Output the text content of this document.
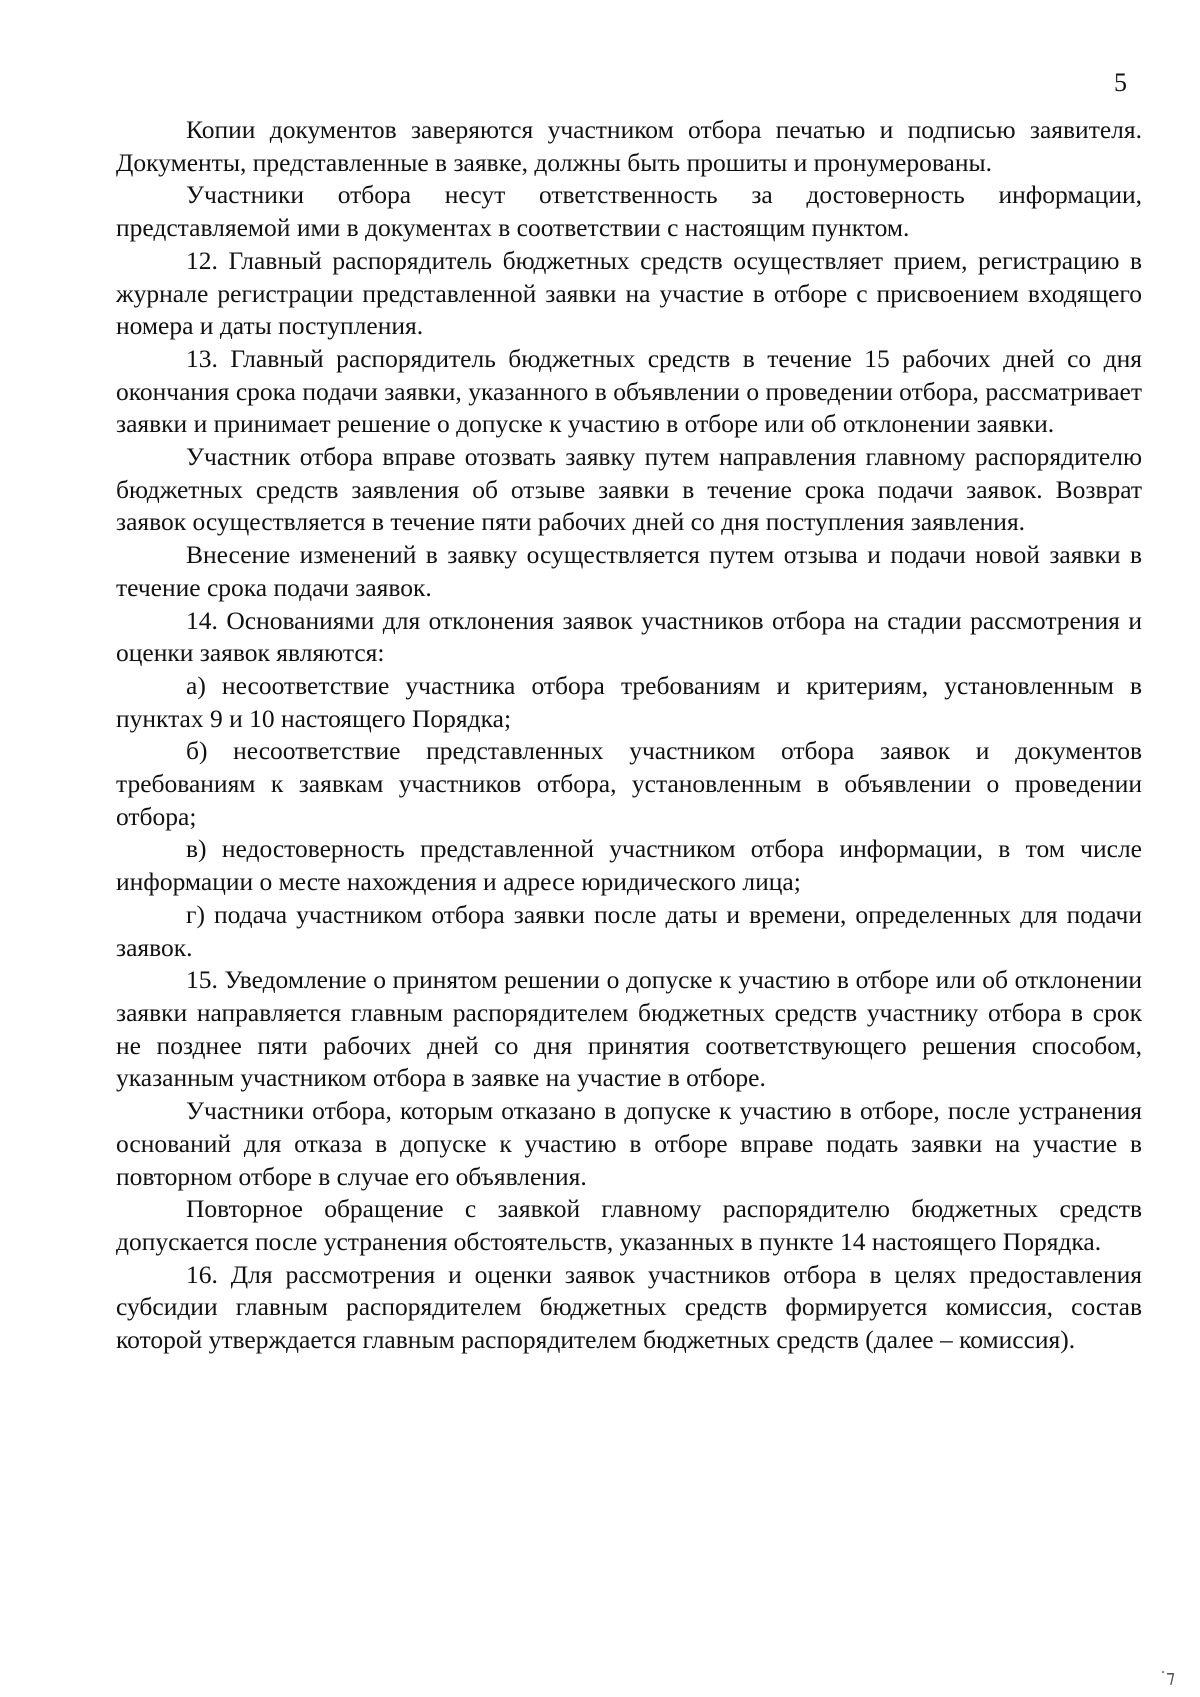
5

Копии документов заверяются участником отбора печатью и подписью заявителя. Документы, представленные в заявке, должны быть прошиты и пронумерованы.

Участники отбора несут ответственность за достоверность информации, представляемой ими в документах в соответствии с настоящим пунктом.

12. Главный распорядитель бюджетных средств осуществляет прием, регистрацию в журнале регистрации представленной заявки на участие в отборе с присвоением входящего номера и даты поступления.

13. Главный распорядитель бюджетных средств в течение 15 рабочих дней со дня окончания срока подачи заявки, указанного в объявлении о проведении отбора, рассматривает заявки и принимает решение о допуске к участию в отборе или об отклонении заявки.

Участник отбора вправе отозвать заявку путем направления главному распорядителю бюджетных средств заявления об отзыве заявки в течение срока подачи заявок. Возврат заявок осуществляется в течение пяти рабочих дней со дня поступления заявления.

Внесение изменений в заявку осуществляется путем отзыва и подачи новой заявки в течение срока подачи заявок.

14. Основаниями для отклонения заявок участников отбора на стадии рассмотрения и оценки заявок являются:

а) несоответствие участника отбора требованиям и критериям, установленным в пунктах 9 и 10 настоящего Порядка;

б) несоответствие представленных участником отбора заявок и документов требованиям к заявкам участников отбора, установленным в объявлении о проведении отбора;

в) недостоверность представленной участником отбора информации, в том числе информации о месте нахождения и адресе юридического лица;

г) подача участником отбора заявки после даты и времени, определенных для подачи заявок.

15. Уведомление о принятом решении о допуске к участию в отборе или об отклонении заявки направляется главным распорядителем бюджетных средств участнику отбора в срок не позднее пяти рабочих дней со дня принятия соответствующего решения способом, указанным участником отбора в заявке на участие в отборе.

Участники отбора, которым отказано в допуске к участию в отборе, после устранения оснований для отказа в допуске к участию в отборе вправе подать заявки на участие в повторном отборе в случае его объявления.

Повторное обращение с заявкой главному распорядителю бюджетных средств допускается после устранения обстоятельств, указанных в пункте 14 настоящего Порядка.

16. Для рассмотрения и оценки заявок участников отбора в целях предоставления субсидии главным распорядителем бюджетных средств формируется комиссия, состав которой утверждается главным распорядителем бюджетных средств (далее – комиссия).

˙⁊
